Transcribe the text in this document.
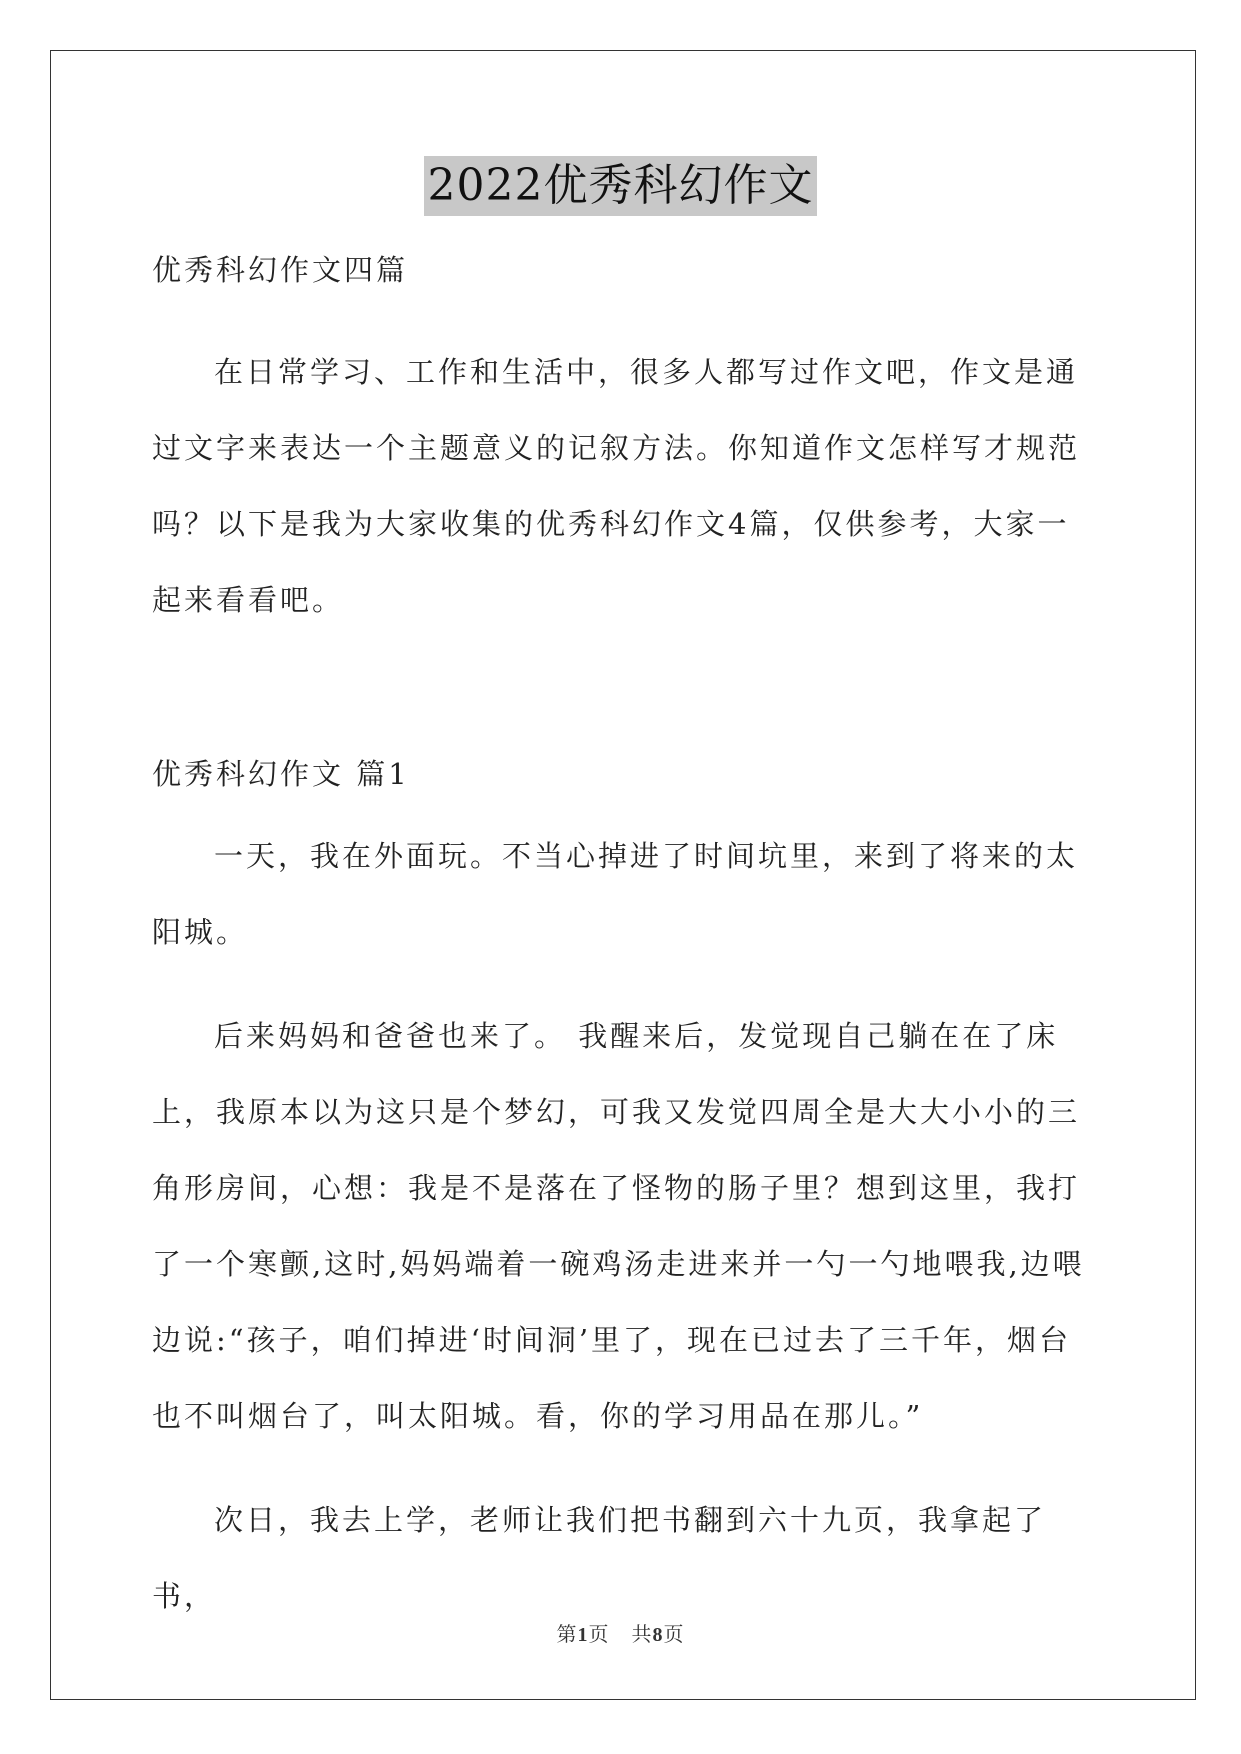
2022优秀科幻作文

优秀科幻作文四篇

在日常学习、工作和生活中，很多人都写过作文吧，作文是通过文字来表达一个主题意义的记叙方法。你知道作文怎样写才规范吗？以下是我为大家收集的优秀科幻作文4篇，仅供参考，大家一起来看看吧。

优秀科幻作文 篇1

一天，我在外面玩。不当心掉进了时间坑里，来到了将来的太阳城。

后来妈妈和爸爸也来了。 我醒来后，发觉现自己躺在在了床上，我原本以为这只是个梦幻，可我又发觉四周全是大大小小的三角形房间，心想：我是不是落在了怪物的肠子里？想到这里，我打了一个寒颤,这时,妈妈端着一碗鸡汤走进来并一勺一勺地喂我,边喂边说:“孩子，咱们掉进‘时间洞’里了，现在已过去了三千年，烟台也不叫烟台了，叫太阳城。看，你的学习用品在那儿。”

次日，我去上学，老师让我们把书翻到六十九页，我拿起了书，

第1页 共8页
